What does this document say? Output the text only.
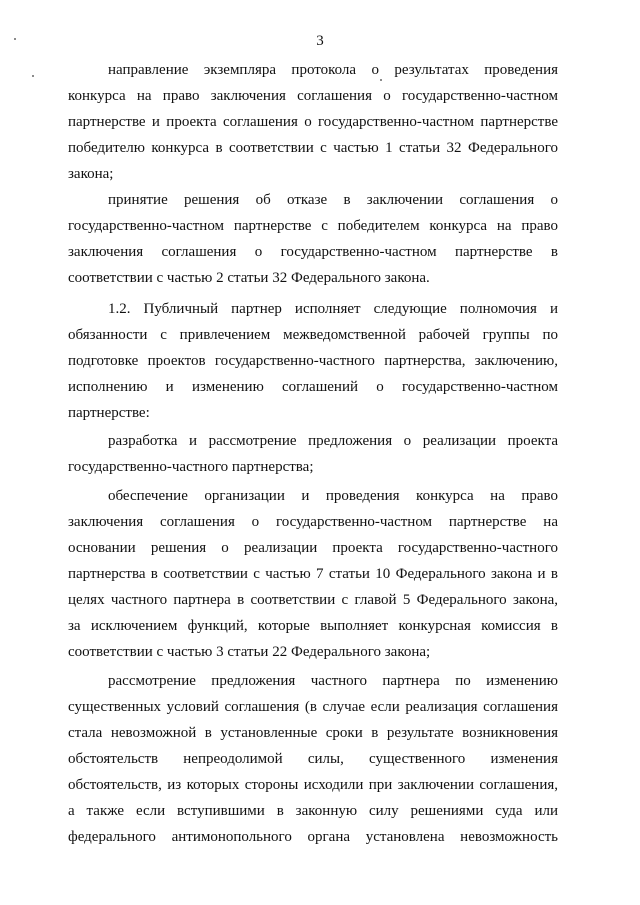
3
направление экземпляра протокола о результатах проведения
конкурса на право заключения соглашения о государственно-частном
партнерстве и проекта соглашения о государственно-частном партнерстве
победителю конкурса в соответствии с частью 1 статьи 32 Федерального
закона;
принятие решения об отказе в заключении соглашения о
государственно-частном партнерстве с победителем конкурса на право
заключения соглашения о государственно-частном партнерстве в
соответствии с частью 2 статьи 32 Федерального закона.
1.2. Публичный партнер исполняет следующие полномочия и
обязанности с привлечением межведомственной рабочей группы по
подготовке проектов государственно-частного партнерства, заключению,
исполнению и изменению соглашений о государственно-частном
партнерстве:
разработка и рассмотрение предложения о реализации проекта
государственно-частного партнерства;
обеспечение организации и проведения конкурса на право
заключения соглашения о государственно-частном партнерстве на
основании решения о реализации проекта государственно-частного
партнерства в соответствии с частью 7 статьи 10 Федерального закона и в
целях частного партнера в соответствии с главой 5 Федерального закона,
за исключением функций, которые выполняет конкурсная комиссия в
соответствии с частью 3 статьи 22 Федерального закона;
рассмотрение предложения частного партнера по изменению
существенных условий соглашения (в случае если реализация соглашения
стала невозможной в установленные сроки в результате возникновения
обстоятельств непреодолимой силы, существенного изменения
обстоятельств, из которых стороны исходили при заключении соглашения,
а также если вступившими в законную силу решениями суда или
федерального антимонопольного органа установлена невозможность
